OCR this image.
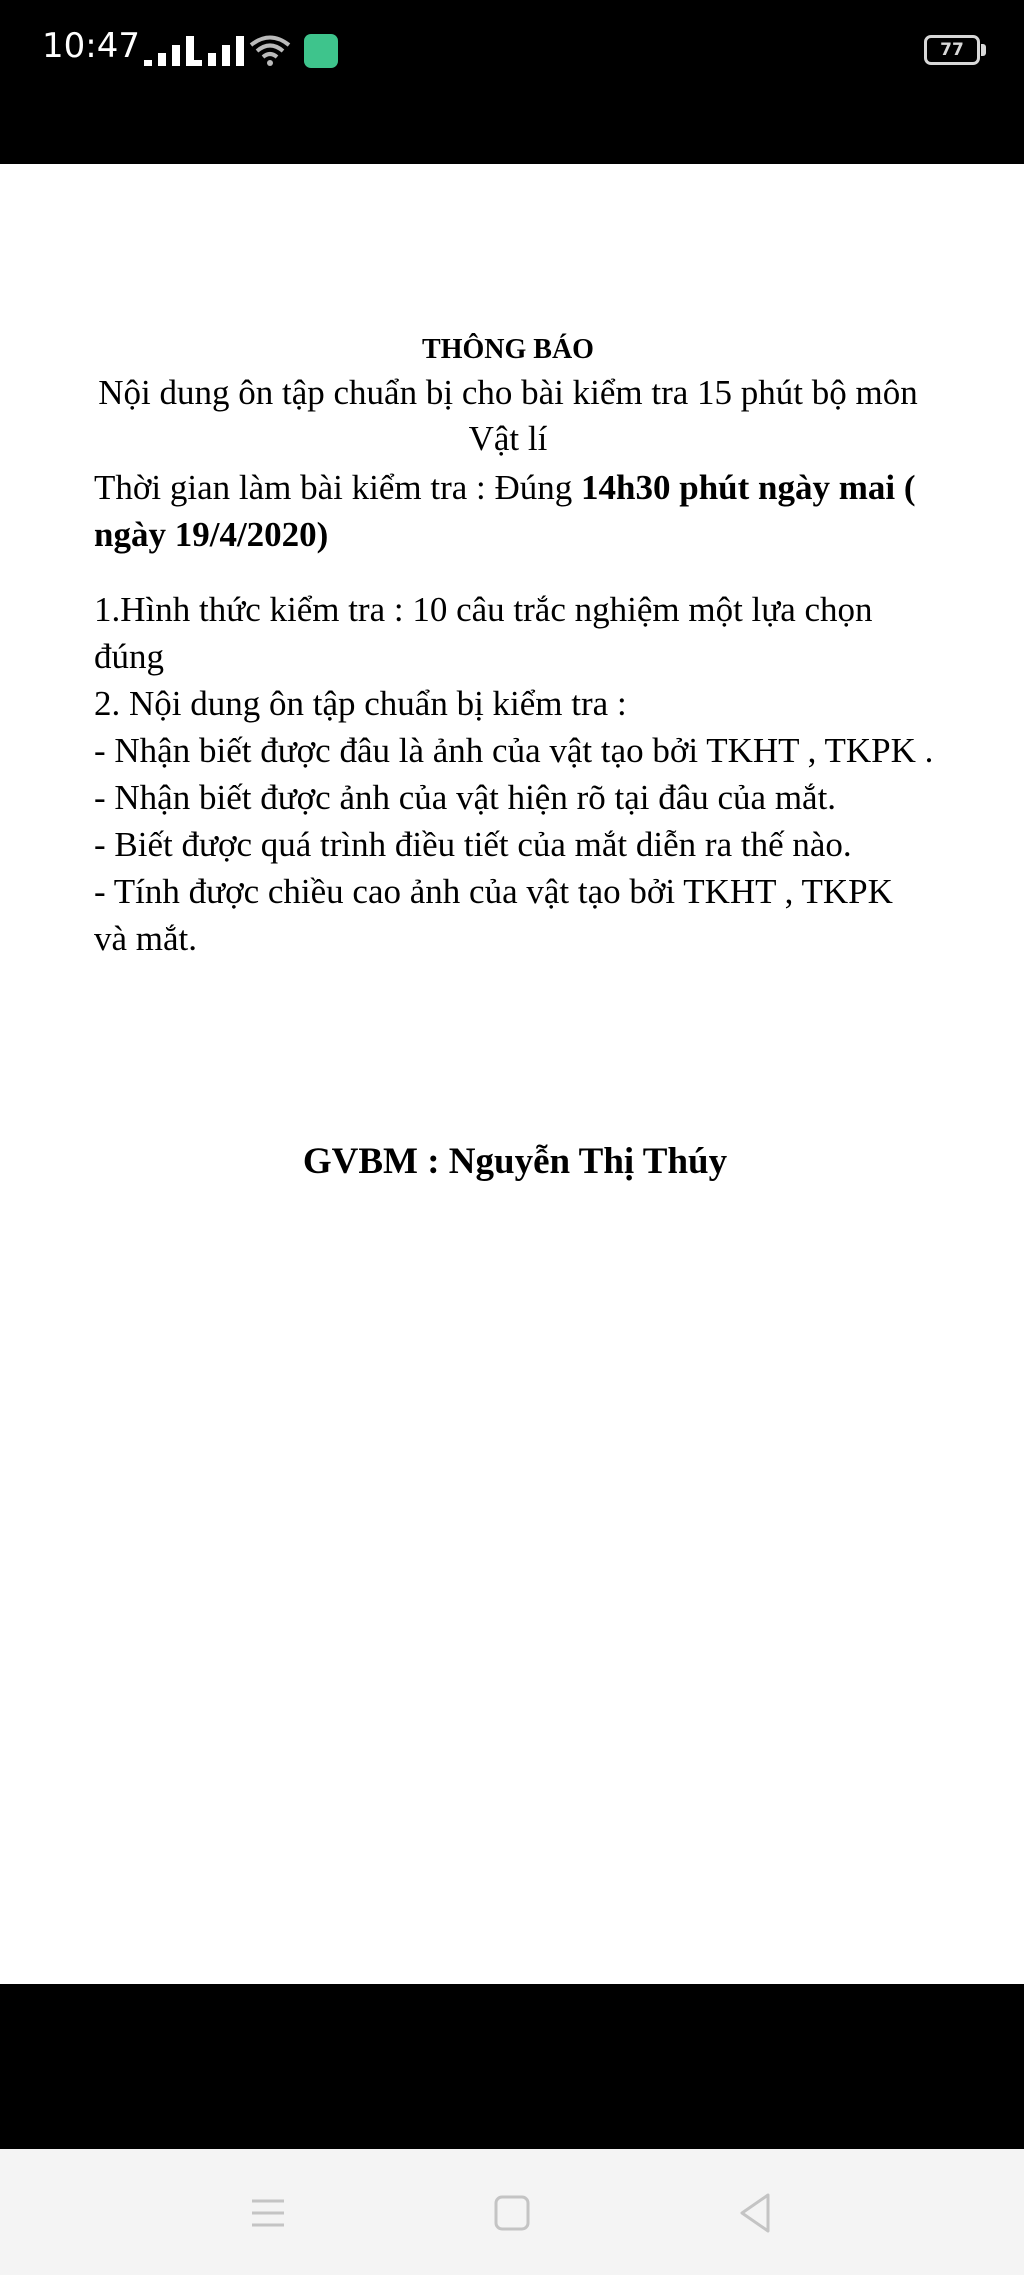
10:47	77
THÔNG BÁO
Nội dung ôn tập chuẩn bị cho bài kiểm tra 15 phút bộ môn Vật lí

Thời gian làm bài kiểm tra : Đúng 14h30 phút ngày mai ( ngày 19/4/2020)

1.Hình thức kiểm tra : 10 câu trắc nghiệm một lựa chọn đúng

2. Nội dung ôn tập chuẩn bị kiểm tra :

- Nhận biết được đâu là ảnh của vật tạo bởi TKHT , TKPK .

- Nhận biết được ảnh của vật hiện rõ tại đâu của mắt.

- Biết được quá trình điều tiết của mắt diễn ra thế nào.

- Tính được chiều cao ảnh của vật tạo bởi TKHT , TKPK và mắt.

GVBM : Nguyễn Thị Thúy
